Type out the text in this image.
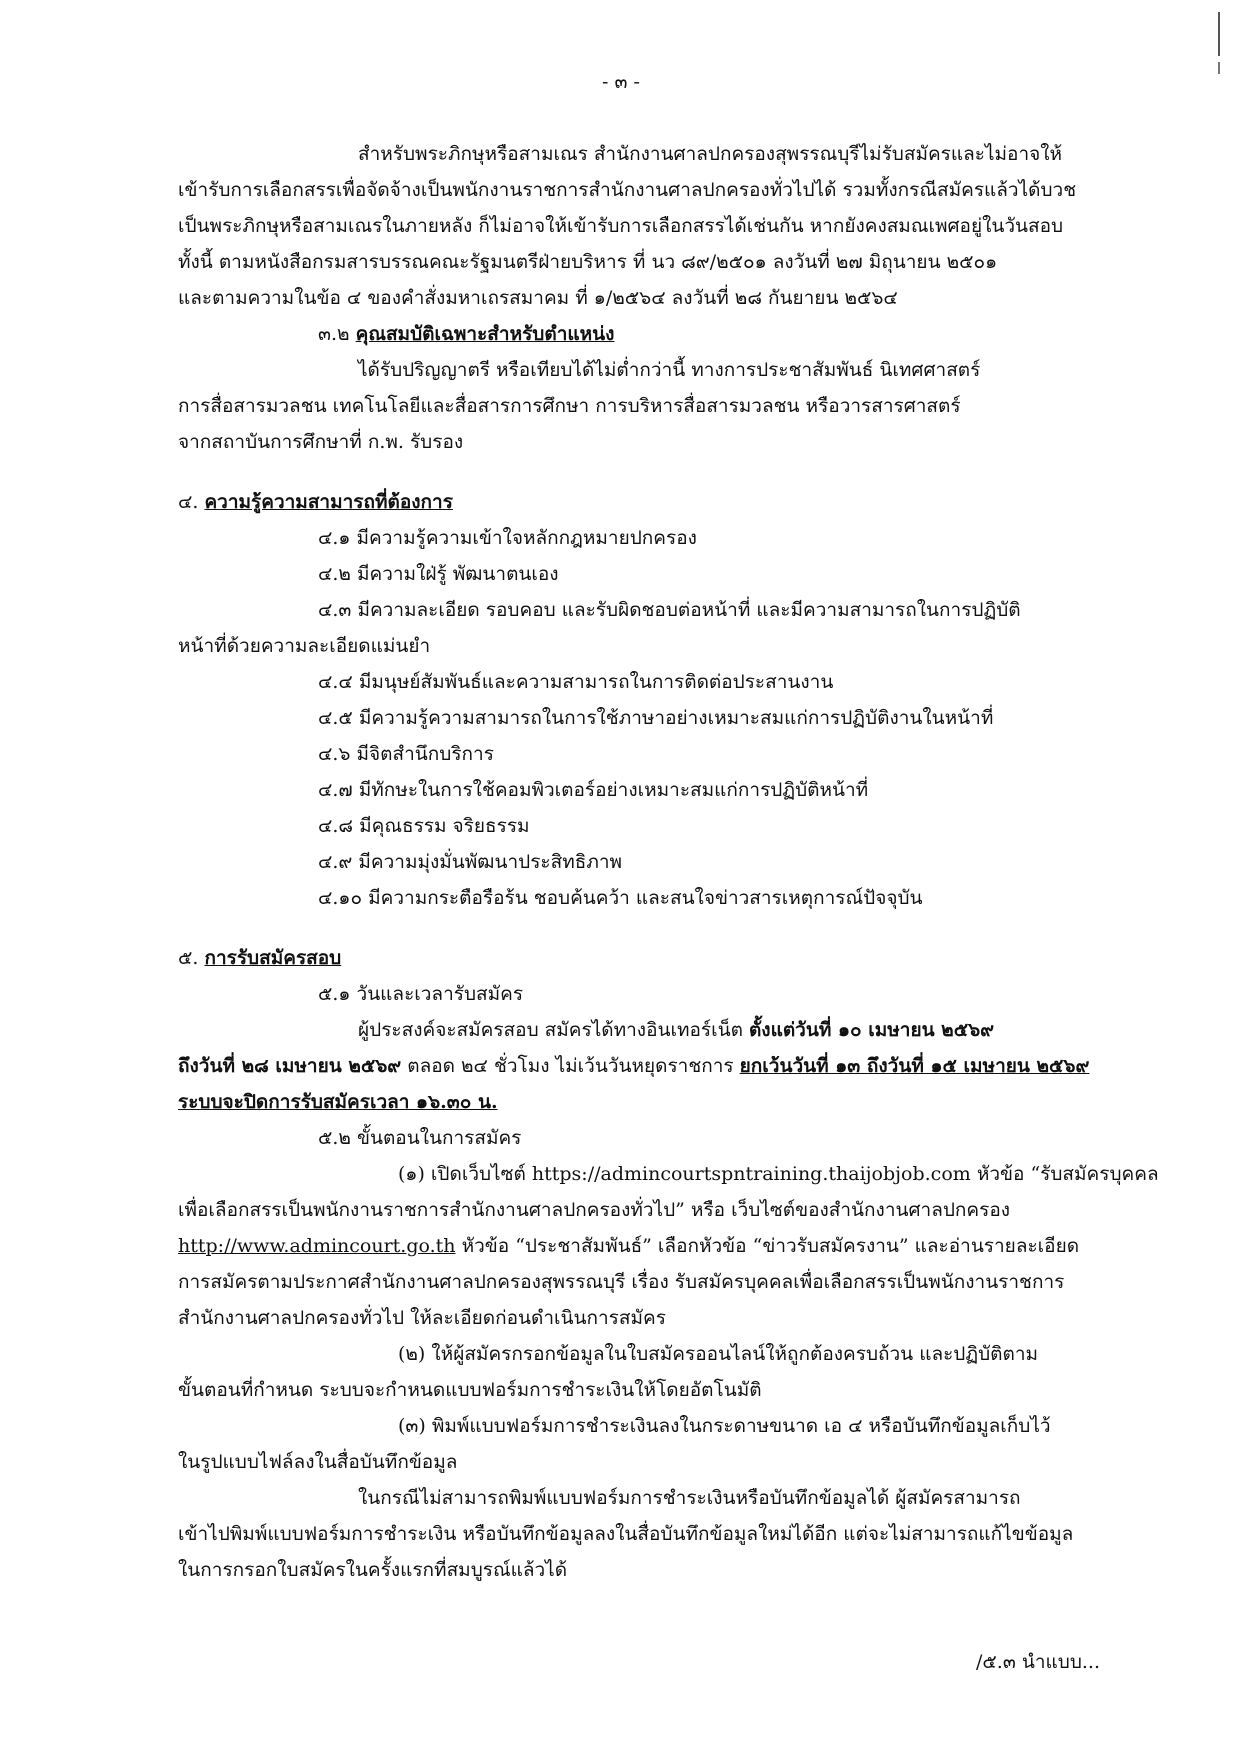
- ๓ -
สำหรับพระภิกษุหรือสามเณร สำนักงานศาลปกครองสุพรรณบุรีไม่รับสมัครและไม่อาจให้
เข้ารับการเลือกสรรเพื่อจัดจ้างเป็นพนักงานราชการสำนักงานศาลปกครองทั่วไปได้ รวมทั้งกรณีสมัครแล้วได้บวช
เป็นพระภิกษุหรือสามเณรในภายหลัง ก็ไม่อาจให้เข้ารับการเลือกสรรได้เช่นกัน หากยังคงสมณเพศอยู่ในวันสอบ
ทั้งนี้ ตามหนังสือกรมสารบรรณคณะรัฐมนตรีฝ่ายบริหาร ที่ นว ๘๙/๒๕๐๑ ลงวันที่ ๒๗ มิถุนายน ๒๕๐๑
และตามความในข้อ ๔ ของคำสั่งมหาเถรสมาคม ที่ ๑/๒๕๖๔ ลงวันที่ ๒๘ กันยายน ๒๕๖๔
๓.๒ คุณสมบัติเฉพาะสำหรับตำแหน่ง
ได้รับปริญญาตรี หรือเทียบได้ไม่ต่ำกว่านี้ ทางการประชาสัมพันธ์ นิเทศศาสตร์
การสื่อสารมวลชน เทคโนโลยีและสื่อสารการศึกษา การบริหารสื่อสารมวลชน หรือวารสารศาสตร์
จากสถาบันการศึกษาที่ ก.พ. รับรอง
๔. ความรู้ความสามารถที่ต้องการ
๔.๑ มีความรู้ความเข้าใจหลักกฎหมายปกครอง
๔.๒ มีความใฝ่รู้ พัฒนาตนเอง
๔.๓ มีความละเอียด รอบคอบ และรับผิดชอบต่อหน้าที่ และมีความสามารถในการปฏิบัติ
หน้าที่ด้วยความละเอียดแม่นยำ
๔.๔ มีมนุษย์สัมพันธ์และความสามารถในการติดต่อประสานงาน
๔.๕ มีความรู้ความสามารถในการใช้ภาษาอย่างเหมาะสมแก่การปฏิบัติงานในหน้าที่
๔.๖ มีจิตสำนึกบริการ
๔.๗ มีทักษะในการใช้คอมพิวเตอร์อย่างเหมาะสมแก่การปฏิบัติหน้าที่
๔.๘ มีคุณธรรม จริยธรรม
๔.๙ มีความมุ่งมั่นพัฒนาประสิทธิภาพ
๔.๑๐ มีความกระตือรือร้น ชอบค้นคว้า และสนใจข่าวสารเหตุการณ์ปัจจุบัน
๕. การรับสมัครสอบ
๕.๑ วันและเวลารับสมัคร
ผู้ประสงค์จะสมัครสอบ สมัครได้ทางอินเทอร์เน็ต ตั้งแต่วันที่ ๑๐ เมษายน ๒๕๖๙
ถึงวันที่ ๒๘ เมษายน ๒๕๖๙ ตลอด ๒๔ ชั่วโมง ไม่เว้นวันหยุดราชการ ยกเว้นวันที่ ๑๓ ถึงวันที่ ๑๕ เมษายน ๒๕๖๙
ระบบจะปิดการรับสมัครเวลา ๑๖.๓๐ น.
๕.๒ ขั้นตอนในการสมัคร
(๑) เปิดเว็บไซต์ https://admincourtspntraining.thaijobjob.com หัวข้อ “รับสมัครบุคคล
เพื่อเลือกสรรเป็นพนักงานราชการสำนักงานศาลปกครองทั่วไป” หรือ เว็บไซต์ของสำนักงานศาลปกครอง
http://www.admincourt.go.th หัวข้อ “ประชาสัมพันธ์” เลือกหัวข้อ “ข่าวรับสมัครงาน” และอ่านรายละเอียด
การสมัครตามประกาศสำนักงานศาลปกครองสุพรรณบุรี เรื่อง รับสมัครบุคคลเพื่อเลือกสรรเป็นพนักงานราชการ
สำนักงานศาลปกครองทั่วไป ให้ละเอียดก่อนดำเนินการสมัคร
(๒) ให้ผู้สมัครกรอกข้อมูลในใบสมัครออนไลน์ให้ถูกต้องครบถ้วน และปฏิบัติตาม
ขั้นตอนที่กำหนด ระบบจะกำหนดแบบฟอร์มการชำระเงินให้โดยอัตโนมัติ
(๓) พิมพ์แบบฟอร์มการชำระเงินลงในกระดาษขนาด เอ ๔ หรือบันทึกข้อมูลเก็บไว้
ในรูปแบบไฟล์ลงในสื่อบันทึกข้อมูล
ในกรณีไม่สามารถพิมพ์แบบฟอร์มการชำระเงินหรือบันทึกข้อมูลได้ ผู้สมัครสามารถ
เข้าไปพิมพ์แบบฟอร์มการชำระเงิน หรือบันทึกข้อมูลลงในสื่อบันทึกข้อมูลใหม่ได้อีก แต่จะไม่สามารถแก้ไขข้อมูล
ในการกรอกใบสมัครในครั้งแรกที่สมบูรณ์แล้วได้
/๕.๓ นำแบบ...
